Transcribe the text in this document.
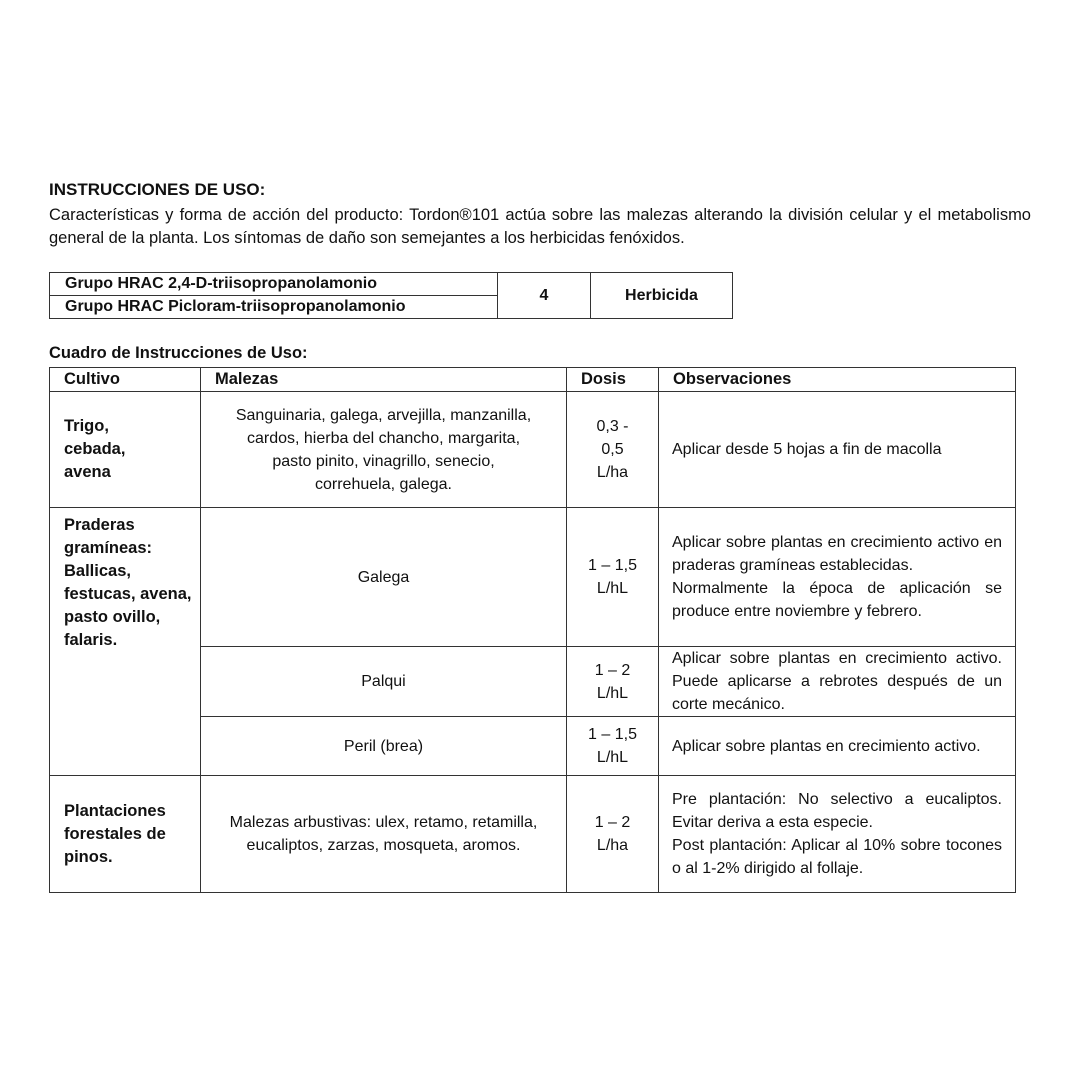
INSTRUCCIONES DE USO:
Características y forma de acción del producto: Tordon®101 actúa sobre las malezas alterando la división celular y el metabolismo general de la planta. Los síntomas de daño son semejantes a los herbicidas fenóxidos.
Grupo HRAC 2,4-D-triisopropanolamonio	4	Herbicida
Grupo HRAC Picloram-triisopropanolamonio
Cuadro de Instrucciones de Uso:
Cultivo	Malezas	Dosis	Observaciones
Trigo, cebada, avena	Sanguinaria, galega, arvejilla, manzanilla, cardos, hierba del chancho, margarita, pasto pinito, vinagrillo, senecio, correhuela, galega.	0,3 - 0,5 L/ha	Aplicar desde 5 hojas a fin de macolla
Praderas gramíneas: Ballicas, festucas, avena, pasto ovillo, falaris.	Galega	1 – 1,5 L/hL	Aplicar sobre plantas en crecimiento activo en praderas gramíneas establecidas.

Normalmente la época de aplicación se produce entre noviembre y febrero.

	Palqui	1 – 2 L/hL	Aplicar sobre plantas en crecimiento activo. Puede aplicarse a rebrotes después de un corte mecánico.

	Peril (brea)	1 – 1,5 L/hL	Aplicar sobre plantas en crecimiento activo.

Plantaciones forestales de pinos.	Malezas arbustivas: ulex, retamo, retamilla, eucaliptos, zarzas, mosqueta, aromos.	1 – 2 L/ha	Pre plantación: No selectivo a eucaliptos. Evitar deriva a esta especie.

Post plantación: Aplicar al 10% sobre tocones o al 1-2% dirigido al follaje.
